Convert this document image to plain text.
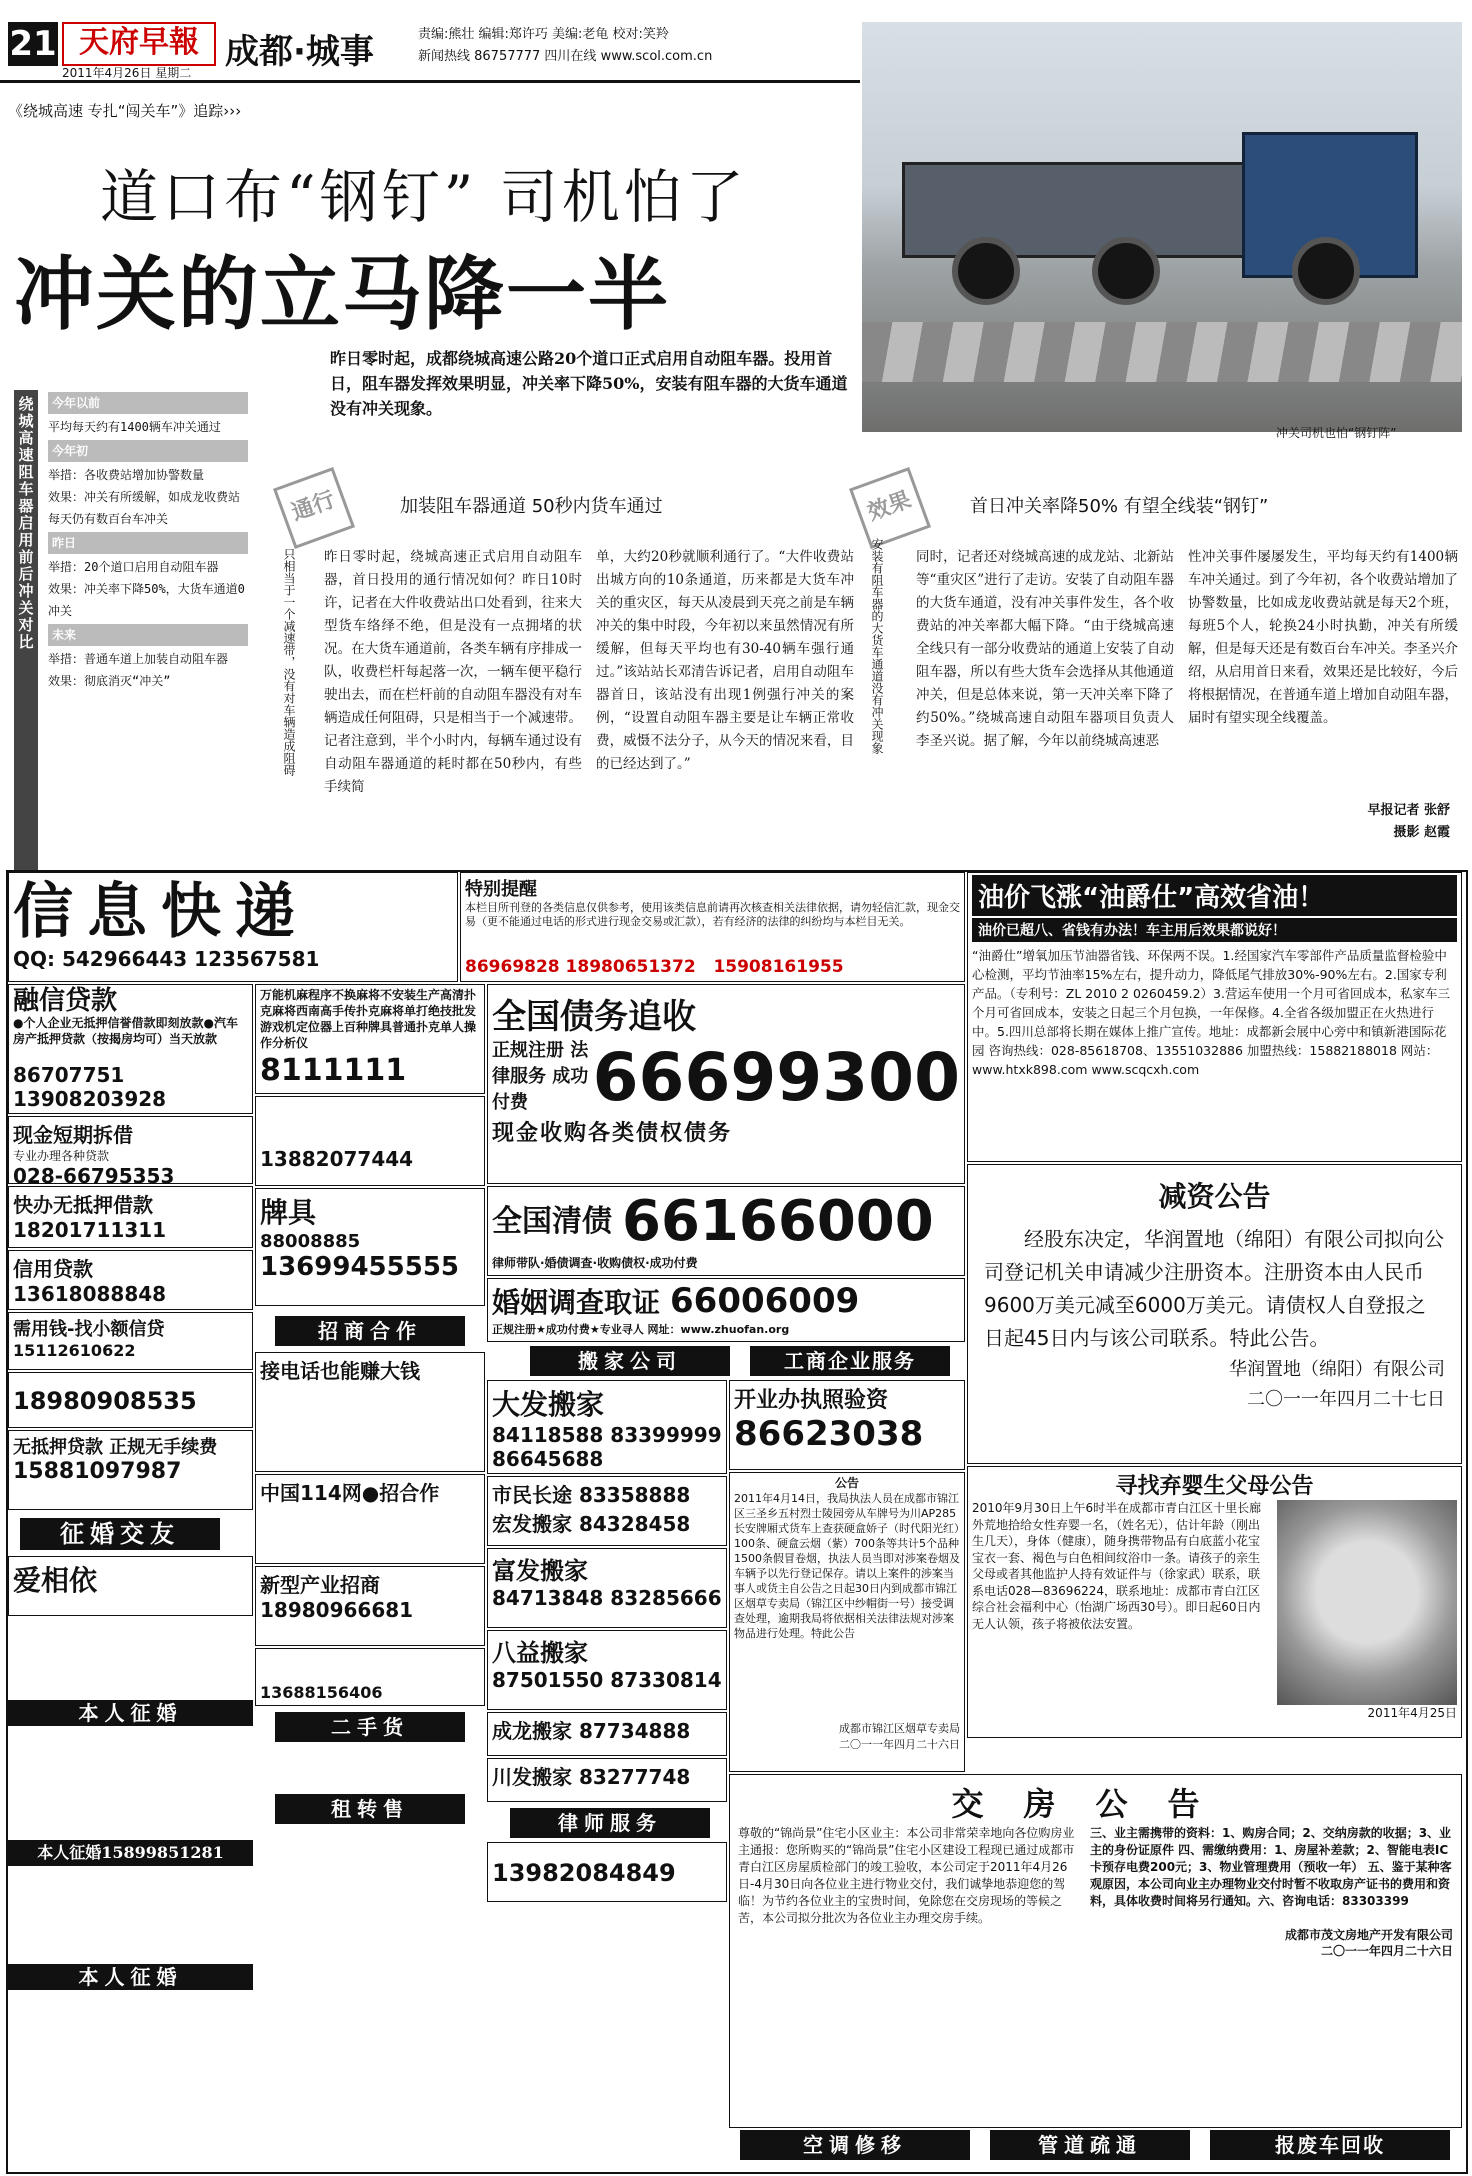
21 天府早報
2011年4月26日 星期二
成都·城事	责编:熊壮 编辑:郑许巧 美编:老龟 校对:笑羚
新闻热线 86757777 四川在线 www.scol.com.cn
《绕城高速 专扎“闯关车”》追踪›››
道口布“钢钉” 司机怕了
冲关的立马降一半
冲关司机也怕“钢钉阵”
昨日零时起，成都绕城高速公路20个道口正式启用自动阻车器。投用首日，阻车器发挥效果明显，冲关率下降50%，安装有阻车器的大货车通道没有冲关现象。
绕城高速阻车器启用前后冲关对比
今年以前
平均每天约有1400辆车冲关通过
今年初
举措：各收费站增加协警数量
效果：冲关有所缓解，如成龙收费站每天仍有数百台车冲关
昨日
举措：20个道口启用自动阻车器
效果：冲关率下降50%，大货车通道0冲关
未来
举措：普通车道上加装自动阻车器
效果：彻底消灭“冲关”
通行	加装阻车器通道 50秒内货车通过	效果	首日冲关率降50% 有望全线装“钢钉”
只相当于一个减速带，没有对车辆造成阻碍	安装有阻车器的大货车通道没有冲关现象
昨日零时起，绕城高速正式启用自动阻车器，首日投用的通行情况如何？昨日10时许，记者在大件收费站出口处看到，往来大型货车络绎不绝，但是没有一点拥堵的状况。在大货车通道前，各类车辆有序排成一队，收费栏杆每起落一次，一辆车便平稳行驶出去，而在栏杆前的自动阻车器没有对车辆造成任何阻碍，只是相当于一个减速带。记者注意到，半个小时内，每辆车通过设有自动阻车器通道的耗时都在50秒内，有些手续简
单，大约20秒就顺利通行了。“大件收费站出城方向的10条通道，历来都是大货车冲关的重灾区，每天从凌晨到天亮之前是车辆冲关的集中时段，今年初以来虽然情况有所缓解，但每天平均也有30-40辆车强行通过。”该站站长邓清告诉记者，启用自动阻车器首日，该站没有出现1例强行冲关的案例，“设置自动阻车器主要是让车辆正常收费，威慑不法分子，从今天的情况来看，目的已经达到了。”
同时，记者还对绕城高速的成龙站、北新站等“重灾区”进行了走访。安装了自动阻车器的大货车通道，没有冲关事件发生，各个收费站的冲关率都大幅下降。“由于绕城高速全线只有一部分收费站的通道上安装了自动阻车器，所以有些大货车会选择从其他通道冲关，但是总体来说，第一天冲关率下降了约50%。”绕城高速自动阻车器项目负责人李圣兴说。据了解，今年以前绕城高速恶
性冲关事件屡屡发生，平均每天约有1400辆车冲关通过。到了今年初，各个收费站增加了协警数量，比如成龙收费站就是每天2个班，每班5个人，轮换24小时执勤，冲关有所缓解，但是每天还是有数百台车冲关。李圣兴介绍，从启用首日来看，效果还是比较好，今后将根据情况，在普通车道上增加自动阻车器，届时有望实现全线覆盖。
早报记者 张舒
摄影 赵霞
信息快递
QQ: 542966443 123567581
特别提醒
本栏目所刊登的各类信息仅供参考，使用该类信息前请再次核查相关法律依据，请勿轻信汇款，现金交易（更不能通过电话的形式进行现金交易或汇款），若有经济的法律的纠纷均与本栏目无关。
86969828 18980651372 15908161955
融信贷款
●个人企业无抵押信誉借款即刻放款●汽车房产抵押贷款（按揭房均可）当天放款
86707751 13908203928
现金短期拆借
专业办理各种贷款
028-66795353
快办无抵押借款
18201711311
信用贷款
13618088848
需用钱-找小额信贷
15112610622
18980908535
无抵押贷款 正规无手续费
15881097987
征婚交友
爱相依
本人征婚
本人征婚15899851281
本人征婚
万能机麻程序不换麻将不安装生产高清扑克麻将西南高手传扑克麻将单打绝技批发游戏机定位器上百种牌具普通扑克单人操作分析仪
8111111
13882077444
牌具
88008885
13699455555
招商合作
接电话也能赚大钱
中国114网●招合作
新型产业招商
18980966681
13688156406
二手货
租转售
全国债务追收
正规注册 法律服务 成功付费 66699300
现金收购各类债权债务
全国清债 66166000
律师带队·婚债调查·收购债权·成功付费
婚姻调查取证 66006009
正规注册★成功付费★专业寻人 网址：www.zhuofan.org
搬家公司	工商企业服务
大发搬家
84118588 83399999 86645688
市民长途 83358888
宏发搬家 84328458
富发搬家
84713848 83285666
八益搬家
87501550 87330814
成龙搬家 87734888
川发搬家 83277748
律师服务
13982084849
开业办执照验资
86623038
公告
2011年4月14日，我局执法人员在成都市锦江区三圣乡五村烈士陵园旁从车牌号为川AP285长安牌厢式货车上查获硬盒娇子（时代阳光红）100条、硬盒云烟（紫）700条等共计5个品种1500条假冒卷烟，执法人员当即对涉案卷烟及车辆予以先行登记保存。请以上案件的涉案当事人或货主自公告之日起30日内到成都市锦江区烟草专卖局（锦江区中纱帽街一号）接受调查处理，逾期我局将依据相关法律法规对涉案物品进行处理。特此公告
成都市锦江区烟草专卖局
二〇一一年四月二十六日
油价飞涨“油爵仕”高效省油！
油价已超八、省钱有办法！车主用后效果都说好！
“油爵仕”增氧加压节油器省钱、环保两不误。1.经国家汽车零部件产品质量监督检验中心检测，平均节油率15%左右，提升动力，降低尾气排放30%-90%左右。2.国家专利产品。（专利号：ZL 2010 2 0260459.2）3.营运车使用一个月可省回成本，私家车三个月可省回成本，安装之日起三个月包换，一年保修。4.全省各级加盟正在火热进行中。5.四川总部将长期在媒体上推广宣传。地址：成都新会展中心旁中和镇新港国际花园 咨询热线：028-85618708、13551032886 加盟热线：15882188018 网站：www.htxk898.com www.scqcxh.com
减资公告
经股东决定，华润置地（绵阳）有限公司拟向公司登记机关申请减少注册资本。注册资本由人民币9600万美元减至6000万美元。请债权人自登报之日起45日内与该公司联系。特此公告。
华润置地（绵阳）有限公司
二〇一一年四月二十七日
寻找弃婴生父母公告
2010年9月30日上午6时半在成都市青白江区十里长廊外荒地拾给女性弃婴一名，（姓名无），估计年龄（刚出生几天），身体（健康），随身携带物品有白底蓝小花宝宝衣一套、褐色与白色相间纹浴巾一条。请孩子的亲生父母或者其他监护人持有效证件与（徐家武）联系，联系电话028—83696224，联系地址：成都市青白江区综合社会福利中心（怡湖广场西30号）。即日起60日内无人认领，孩子将被依法安置。
2011年4月25日
交房公告
尊敬的“锦尚景”住宅小区业主：本公司非常荣幸地向各位购房业主通报：您所购买的“锦尚景”住宅小区建设工程现已通过成都市青白江区房屋质检部门的竣工验收，本公司定于2011年4月26日-4月30日向各位业主进行物业交付，我们诚挚地恭迎您的驾临！为节约各位业主的宝贵时间，免除您在交房现场的等候之苦，本公司拟分批次为各位业主办理交房手续。
三、业主需携带的资料：1、购房合同；2、交纳房款的收据；3、业主的身份证原件 四、需缴纳费用：1、房屋补差款；2、智能电表IC卡预存电费200元；3、物业管理费用（预收一年） 五、鉴于某种客观原因，本公司向业主办理物业交付时暂不收取房产证书的费用和资料，具体收费时间将另行通知。六、咨询电话：83303399
成都市茂文房地产开发有限公司
二〇一一年四月二十六日
空调修移	管道疏通	报废车回收
